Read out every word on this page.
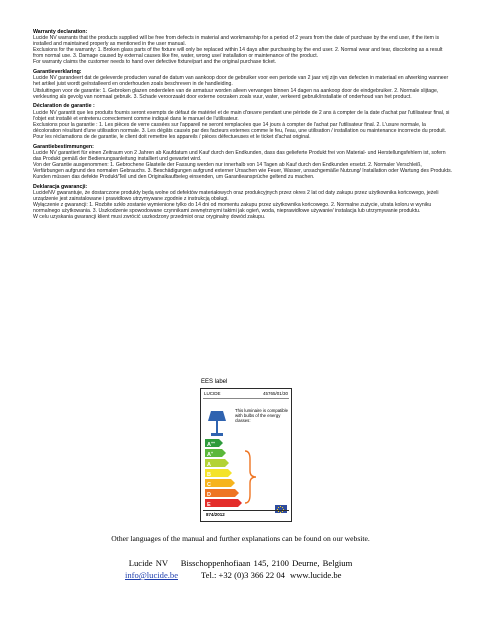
Warranty declaration:

Lucide NV warrants that the products supplied will be free from defects in material and workmanship for a period of 2 years from the date of purchase by the end user, if the item is installed and maintained properly as mentioned in the user manual.

Exclusions for the warranty: 1. Broken glass parts of the fixture will only be replaced within 14 days after purchasing by the end user. 2. Normal wear and tear, discoloring as a result from normal use. 3. Damage caused by external causes like fire, water, wrong use/ installation or maintenance of the product.

For warranty claims the customer needs to hand over defective fixture/part and the original purchase ticket.

Garantieverklaring:

Lucide NV garandeert dat de geleverde producten vanaf de datum van aankoop door de gebruiker voor een periode van 2 jaar vrij zijn van defecten in materiaal en afwerking wanneer het artikel juist wordt geïnstalleerd en onderhouden zoals beschreven in de handleiding.

Uitsluitingen voor de garantie: 1. Gebroken glazen onderdelen van de armatuur worden alleen vervangen binnen 14 dagen na aankoop door de eindgebruiker. 2. Normale slijtage, verkleuring als gevolg van normaal gebruik. 3. Schade veroorzaakt door externe oorzaken zoals vuur, water, verkeerd gebruik/installatie of onderhoud van het product.

Déclaration de garantie :

Lucide NV garantit que les produits fournis seront exempts de défaut de matériel et de main d'œuvre pendant une période de 2 ans à compter de la date d'achat par l'utilisateur final, si l'objet est installé et entretenu correctement comme indiqué dans le manuel de l'utilisateur.

Exclusions pour la garantie : 1. Les pièces de verre cassées sur l'appareil ne seront remplacées que 14 jours à compter de l'achat par l'utilisateur final. 2. L'usure normale, la décoloration résultant d'une utilisation normale. 3. Les dégâts causés par des facteurs externes comme le feu, l'eau, une utilisation / installation ou maintenance incorrecte du produit.

Pour les réclamations de de garantie, le client doit remettre les appareils / pièces défectueuses et le ticket d'achat original.

Garantiebestimmungen:

Lucide NV garantiert für einen Zeitraum von 2 Jahren ab Kaufdatum und Kauf durch den Endkunden, dass das gelieferte Produkt frei von Material- und Herstellungsfehlern ist, sofern das Produkt gemäß der Bedienungsanleitung installiert und gewartet wird.

Von der Garantie ausgenommen: 1. Gebrochene Glasteile der Fassung werden nur innerhalb von 14 Tagen ab Kauf durch den Endkunden ersetzt. 2. Normaler Verschleiß, Verfärbungen aufgrund des normalen Gebrauchs. 3. Beschädigungen aufgrund externer Ursachen wie Feuer, Wasser, unsachgemäße Nutzung/ Installation oder Wartung des Produkts.

Kunden müssen das defekte Produkt/Teil und den Originalkaufbeleg einsenden, um Garantieansprüche geltend zu machen.

Deklaracja gwarancji:

LucideNV gwarantuje, że dostarczone produkty będą wolne od defektów materiałowych oraz produkcyjnych przez okres 2 lat od daty zakupu przez użytkownika końcowego, jeżeli urządzenie jest zainstalowane i prawidłowo utrzymywane zgodnie z instrukcją obsługi.

Wyłączenie z gwarancji: 1. Rozbite szkło zostanie wymienione tylko do 14 dni od momentu zakupu przez użytkownika końcowego. 2. Normalne zużycie, utrata koloru w wyniku normalnego użytkowania. 3. Uszkodzenie spowodowane czynnikami zewnętrznymi takimi jak ogień, woda, nieprawidłowe używanie/ instalacja lub utrzymywanie produktu.

W celu uzyskania gwarancji klient musi zwrócić uszkodzony przedmiot oraz oryginalny dowód zakupu.

EES label
LUCIDE	45765/01/30
This luminaire is compatible with bulbs of the energy classes:
A++
A+
A
B
C
D
E
874/2012
Other languages of the manual and further explanations can be found on our website.
Lucide NV Bisschoppenhofiaan 145, 2100 Deurne, Belgium
info@lucide.be	Tel.: +32 (0)3 366 22 04 www.lucide.be
